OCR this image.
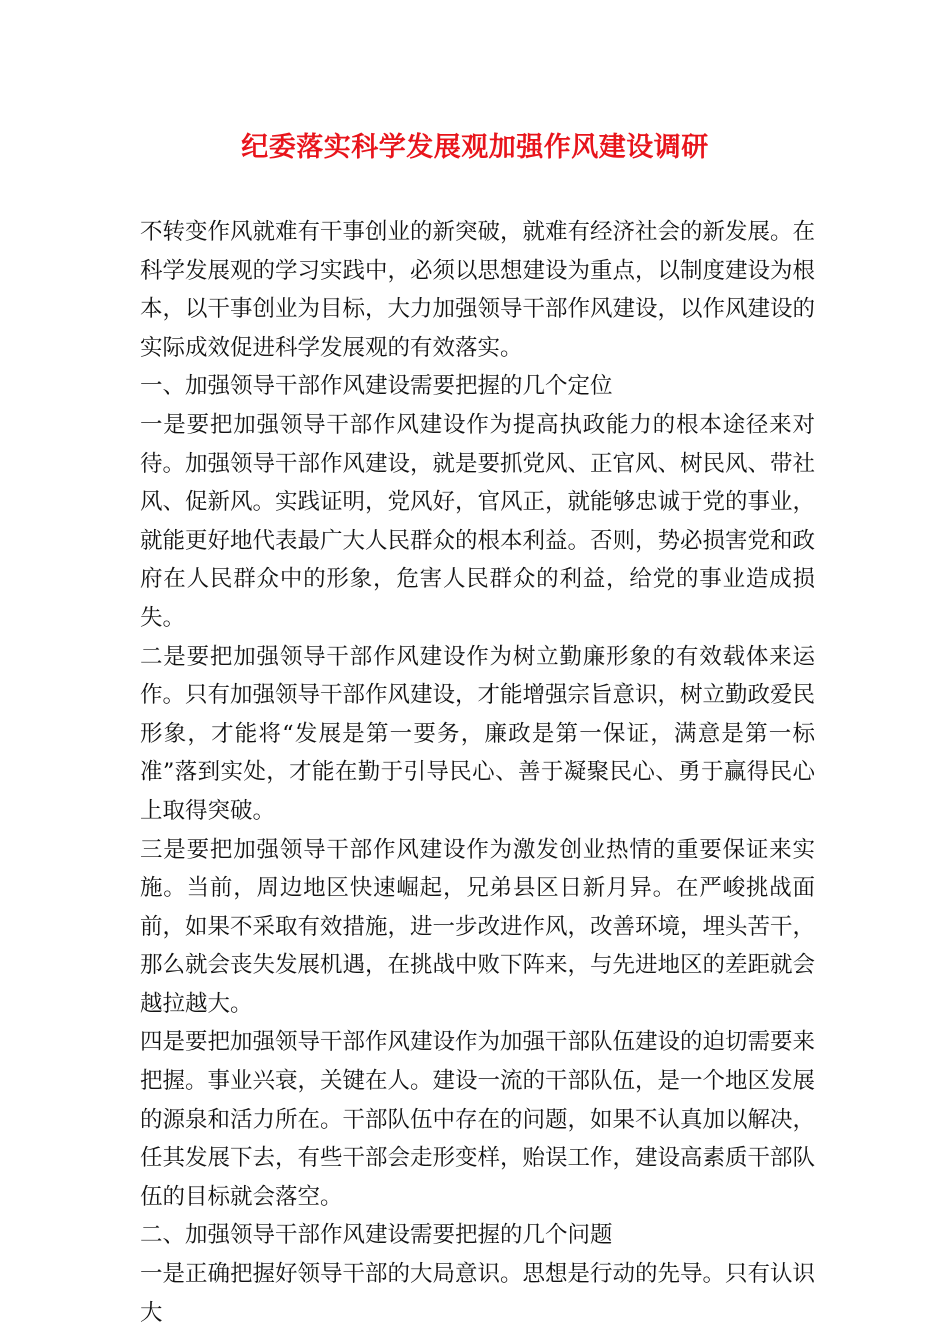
纪委落实科学发展观加强作风建设调研

不转变作风就难有干事创业的新突破，就难有经济社会的新发展。在科学发展观的学习实践中，必须以思想建设为重点，以制度建设为根本，以干事创业为目标，大力加强领导干部作风建设，以作风建设的实际成效促进科学发展观的有效落实。

一、加强领导干部作风建设需要把握的几个定位

一是要把加强领导干部作风建设作为提高执政能力的根本途径来对待。加强领导干部作风建设，就是要抓党风、正官风、树民风、带社风、促新风。实践证明，党风好，官风正，就能够忠诚于党的事业，就能更好地代表最广大人民群众的根本利益。否则，势必损害党和政府在人民群众中的形象，危害人民群众的利益，给党的事业造成损失。

二是要把加强领导干部作风建设作为树立勤廉形象的有效载体来运作。只有加强领导干部作风建设，才能增强宗旨意识，树立勤政爱民形象，才能将“发展是第一要务，廉政是第一保证，满意是第一标准”落到实处，才能在勤于引导民心、善于凝聚民心、勇于赢得民心上取得突破。

三是要把加强领导干部作风建设作为激发创业热情的重要保证来实施。当前，周边地区快速崛起，兄弟县区日新月异。在严峻挑战面前，如果不采取有效措施，进一步改进作风，改善环境，埋头苦干，那么就会丧失发展机遇，在挑战中败下阵来，与先进地区的差距就会越拉越大。

四是要把加强领导干部作风建设作为加强干部队伍建设的迫切需要来把握。事业兴衰，关键在人。建设一流的干部队伍，是一个地区发展的源泉和活力所在。干部队伍中存在的问题，如果不认真加以解决，任其发展下去，有些干部会走形变样，贻误工作，建设高素质干部队伍的目标就会落空。

二、加强领导干部作风建设需要把握的几个问题

一是正确把握好领导干部的大局意识。思想是行动的先导。只有认识大
